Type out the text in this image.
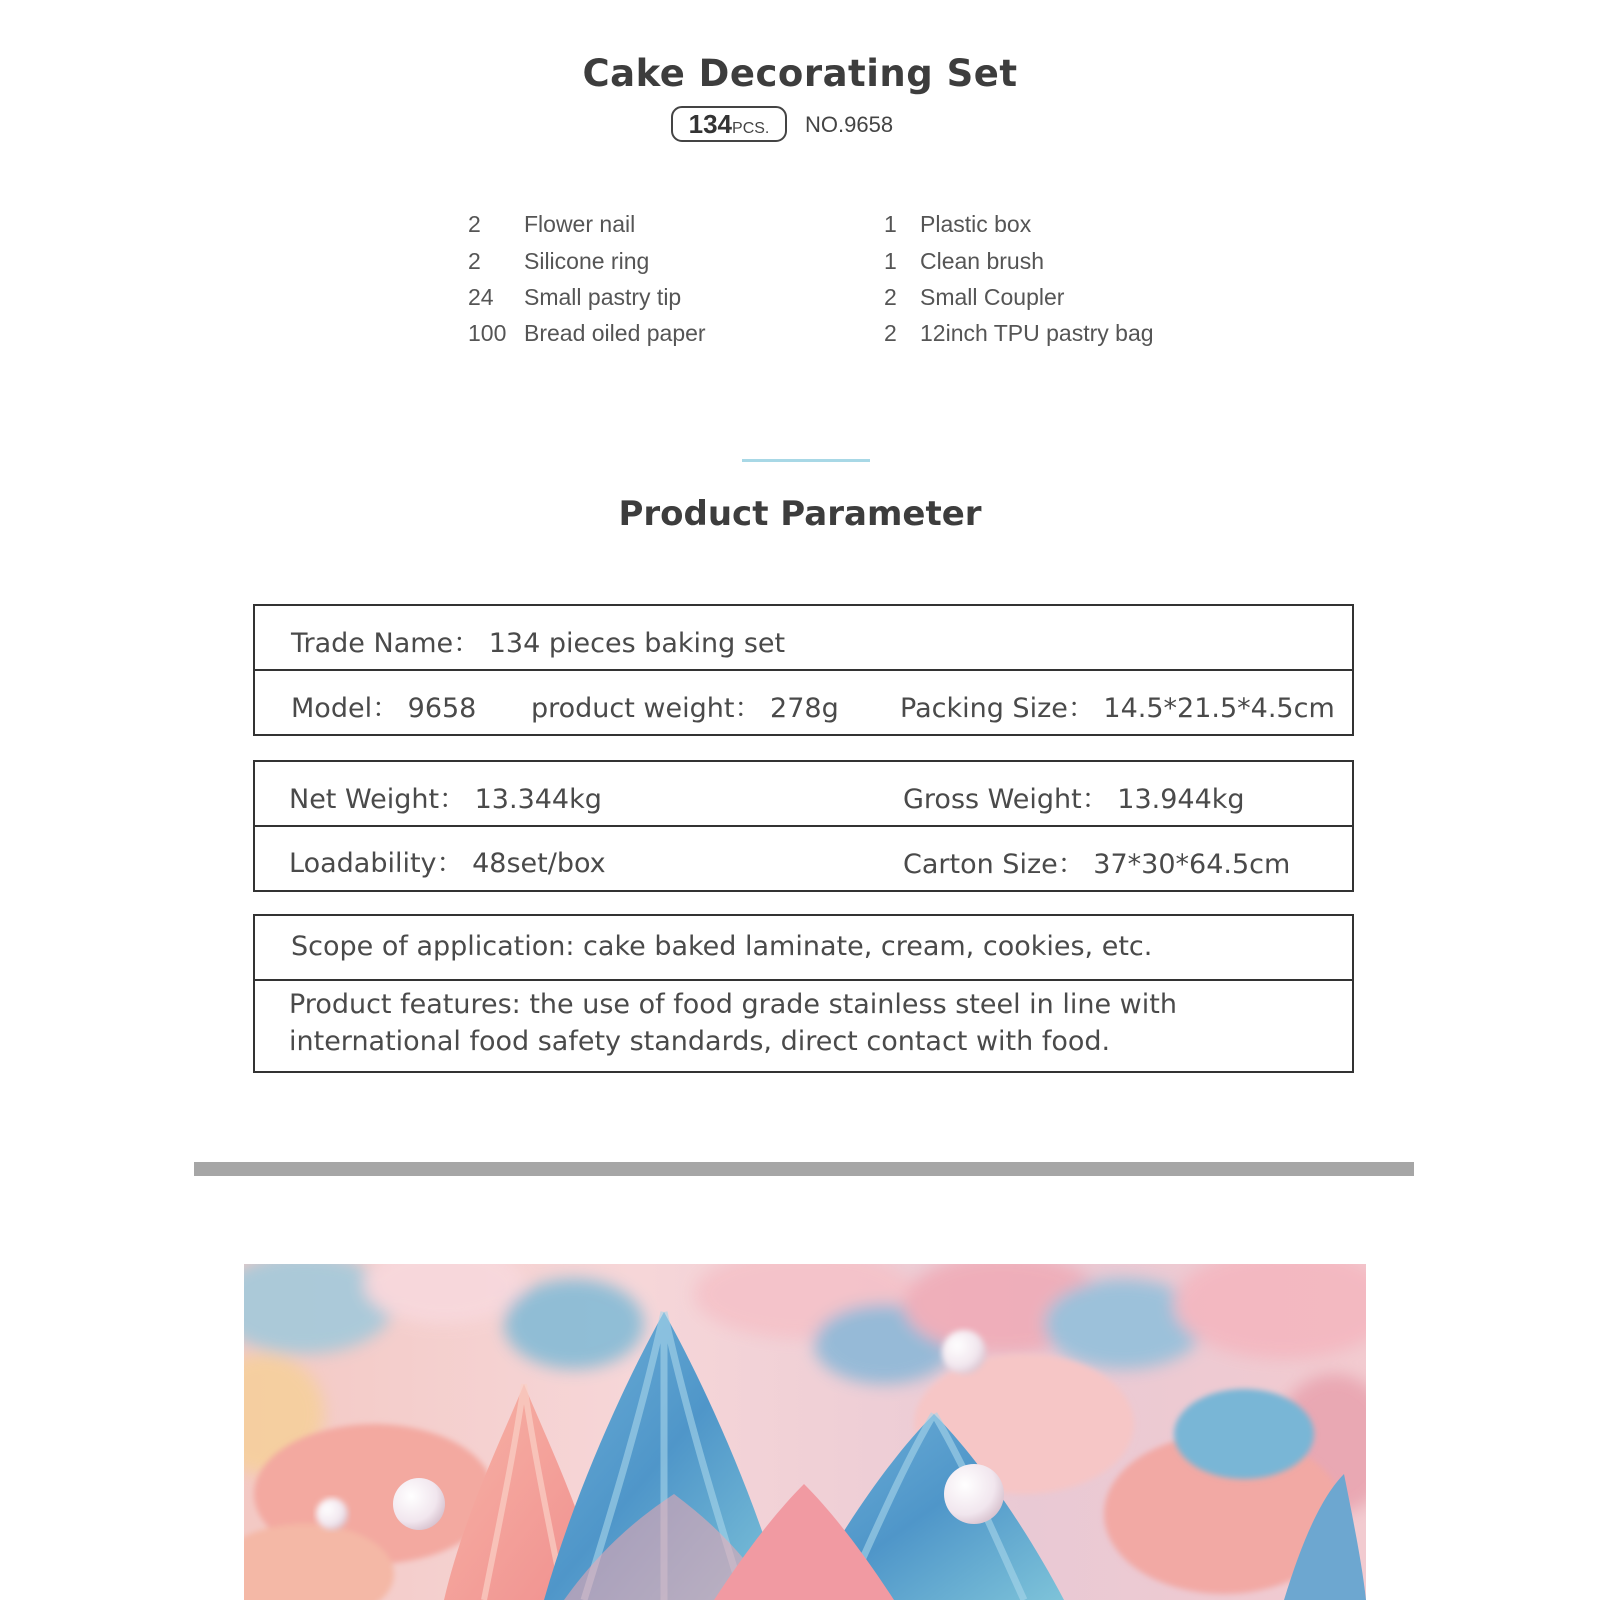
Cake Decorating Set
134PCS.	NO.9658
2 Flower nail
2 Silicone ring
24 Small pastry tip
100 Bread oiled paper
1 Plastic box
1 Clean brush
2 Small Coupler
2 12inch TPU pastry bag
Product Parameter
Trade Name： 134 pieces baking set
Model： 9658 product weight： 278g Packing Size： 14.5*21.5*4.5cm
Net Weight： 13.344kg	Gross Weight： 13.944kg
Loadability： 48set/box	Carton Size： 37*30*64.5cm
Scope of application: cake baked laminate, cream, cookies, etc.
Product features: the use of food grade stainless steel in line with
international food safety standards, direct contact with food.
